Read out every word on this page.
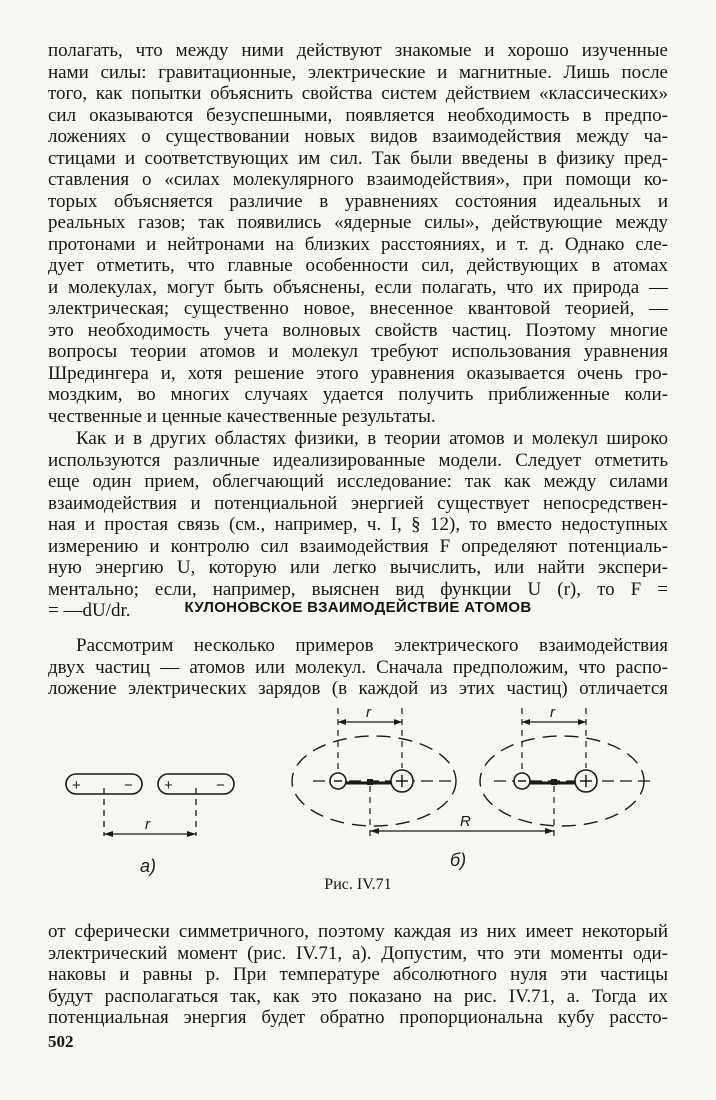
полагать, что между ними действуют знакомые и хорошо изученные
нами силы: гравитационные, электрические и магнитные. Лишь после
того, как попытки объяснить свойства систем действием «классических»
сил оказываются безуспешными, появляется необходимость в предпо-
ложениях о существовании новых видов взаимодействия между ча-
стицами и соответствующих им сил. Так были введены в физику пред-
ставления о «силах молекулярного взаимодействия», при помощи ко-
торых объясняется различие в уравнениях состояния идеальных и
реальных газов; так появились «ядерные силы», действующие между
протонами и нейтронами на близких расстояниях, и т. д. Однако сле-
дует отметить, что главные особенности сил, действующих в атомах
и молекулах, могут быть объяснены, если полагать, что их природа —
электрическая; существенно новое, внесенное квантовой теорией, —
это необходимость учета волновых свойств частиц. Поэтому многие
вопросы теории атомов и молекул требуют использования уравнения
Шредингера и, хотя решение этого уравнения оказывается очень гро-
моздким, во многих случаях удается получить приближенные коли-
чественные и ценные качественные результаты.
Как и в других областях физики, в теории атомов и молекул широко
используются различные идеализированные модели. Следует отметить
еще один прием, облегчающий исследование: так как между силами
взаимодействия и потенциальной энергией существует непосредствен-
ная и простая связь (см., например, ч. I, § 12), то вместо недоступных
измерению и контролю сил взаимодействия F определяют потенциаль-
ную энергию U, которую или легко вычислить, или найти экспери-
ментально; если, например, выяснен вид функции U (r), то F =
= —dU/dr.	КУЛОНОВСКОЕ ВЗАИМОДЕЙСТВИЕ АТОМОВ
Рассмотрим несколько примеров электрического взаимодействия
двух частиц — атомов или молекул. Сначала предположим, что распо-
ложение электрических зарядов (в каждой из этих частиц) отличается
+	− +	−
r
r	r
R
а)	б)
Рис. IV.71
от сферически симметричного, поэтому каждая из них имеет некоторый
электрический момент (рис. IV.71, а). Допустим, что эти моменты оди-
наковы и равны p. При температуре абсолютного нуля эти частицы
будут располагаться так, как это показано на рис. IV.71, а. Тогда их
потенциальная энергия будет обратно пропорциональна кубу рассто-
502
